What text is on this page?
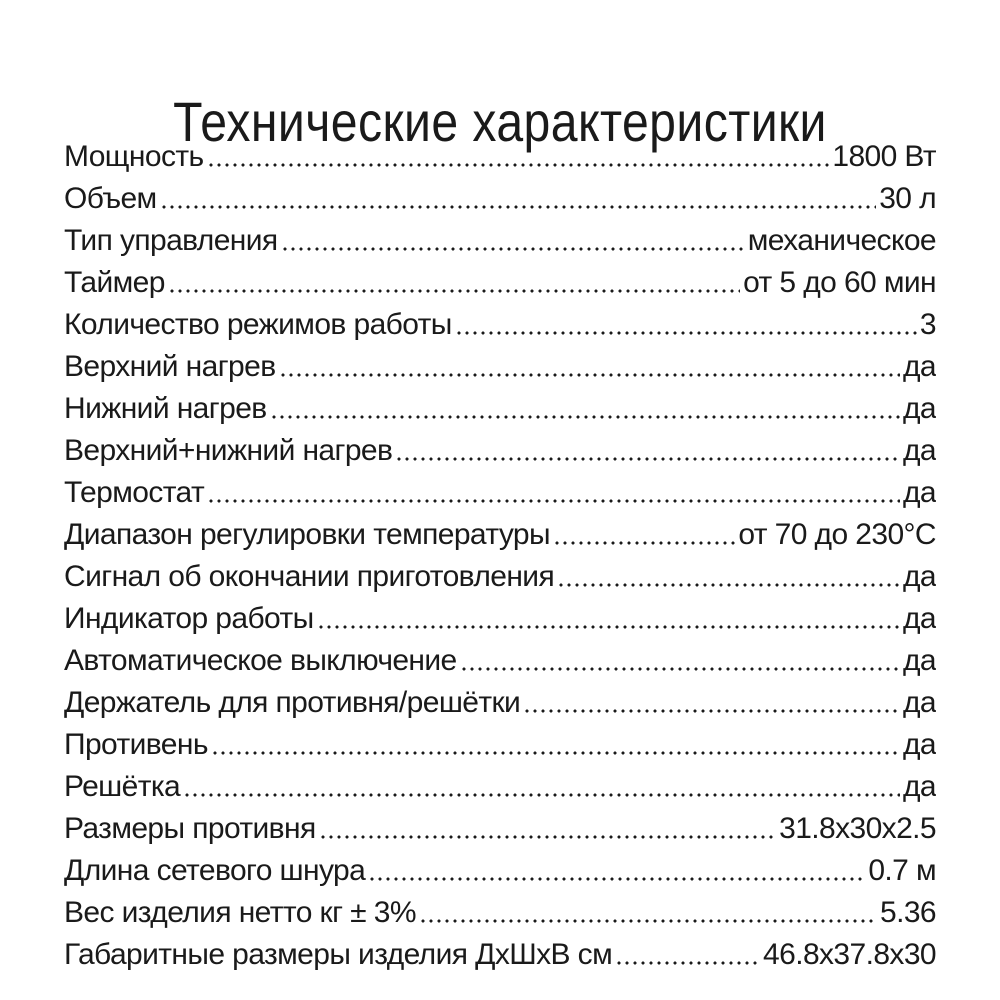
Технические характеристики
Мощность	1800 Вт
Объем	30 л
Тип управления	механическое
Таймер	от 5 до 60 мин
Количество режимов работы	3
Верхний нагрев	да
Нижний нагрев	да
Верхний+нижний нагрев	да
Термостат	да
Диапазон регулировки температуры	от 70 до 230°С
Сигнал об окончании приготовления	да
Индикатор работы	да
Автоматическое выключение	да
Держатель для противня/решётки	да
Противень	да
Решётка	да
Размеры противня	31.8х30х2.5
Длина сетевого шнура	0.7 м
Вес изделия нетто кг ± 3%	5.36
Габаритные размеры изделия ДхШхВ см	46.8х37.8х30
